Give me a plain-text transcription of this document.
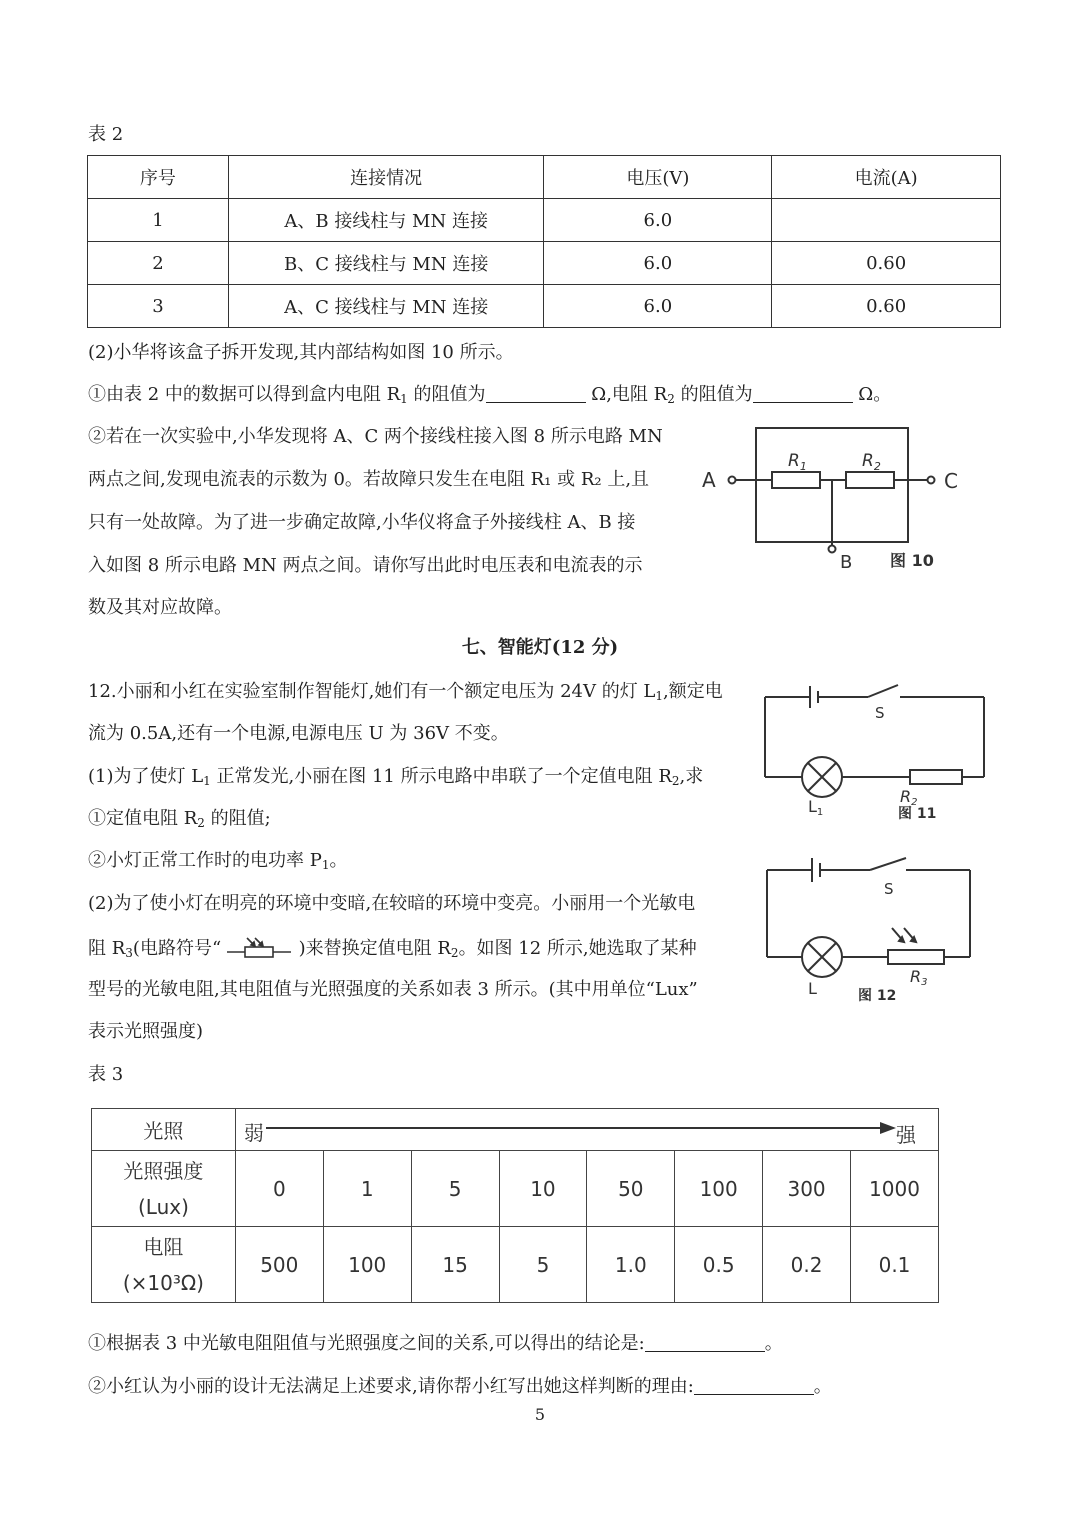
表 2
序号	连接情况	电压(V)	电流(A)
1	A、B 接线柱与 MN 连接	6.0	
2	B、C 接线柱与 MN 连接	6.0	0.60
3	A、C 接线柱与 MN 连接	6.0	0.60
(2)小华将该盒子拆开发现,其内部结构如图 10 所示。
①由表 2 中的数据可以得到盒内电阻 $R_1$ 的阻值为	Ω,电阻 $R_2$ 的阻值为	Ω。
②若在一次实验中,小华发现将 A、C 两个接线柱接入图 8 所示电路 MN
两点之间,发现电流表的示数为 0。若故障只发生在电阻 R₁ 或 R₂ 上,且
只有一处故障。为了进一步确定故障,小华仪将盒子外接线柱 A、B 接
入如图 8 所示电路 MN 两点之间。请你写出此时电压表和电流表的示
数及其对应故障。
A	C
B
$R_1$	$R_2$
图 10
七、智能灯(12 分)
12.小丽和小红在实验室制作智能灯,她们有一个额定电压为 24V 的灯 $L_1$,额定电
流为 0.5A,还有一个电源,电源电压 U 为 36V 不变。
(1)为了使灯 $L_1$ 正常发光,小丽在图 11 所示电路中串联了一个定值电阻 $R_2$,求
①定值电阻 $R_2$ 的阻值;
②小灯正常工作时的电功率 $P_1$。
(2)为了使小灯在明亮的环境中变暗,在较暗的环境中变亮。小丽用一个光敏电
阻 $R_3$(电路符号“	)来替换定值电阻 $R_2$。如图 12 所示,她选取了某种
型号的光敏电阻,其电阻值与光照强度的关系如表 3 所示。(其中用单位“Lux”
表示光照强度)
S
L1	图 11
R2
S
L	图 12
R3
表 3
光照	弱 强							

光照强度
(Lux)	0	1	5	10	50	100	300	1000

电阻
(×10³Ω)	500	100	15	5	1.0	0.5	0.2	0.1
①根据表 3 中光敏电阻阻值与光照强度之间的关系,可以得出的结论是:	。
②小红认为小丽的设计无法满足上述要求,请你帮小红写出她这样判断的理由:	。
5
